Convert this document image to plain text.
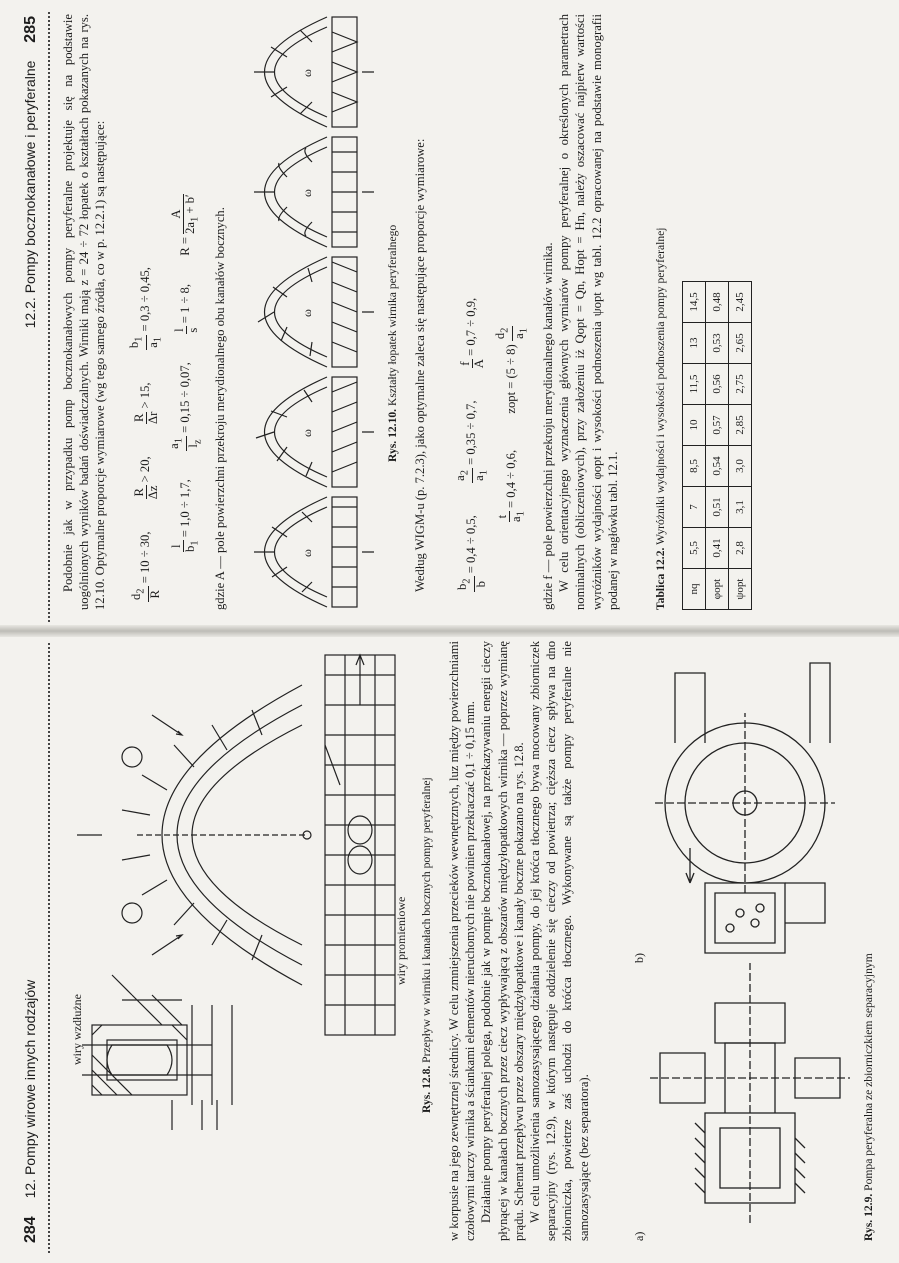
284 12. Pompy wirowe innych rodzajów	wiry wzdłużne
wiry promieniowe
Rys. 12.8. Przepływ w wirniku i kanałach bocznych pompy peryferalnej w korpusie na jego zewnętrznej średnicy. W celu zmniejszenia przecieków wewnętrznych, luz między powierzchniami czołowymi tarczy wirnika a ściankami elementów nieruchomych nie powinien przekraczać 0,1 ÷ 0,15 mm. Działanie pompy peryferalnej polega, podobnie jak w pompie bocznokanałowej, na przekazywaniu energii cieczy płynącej w kanałach bocznych przez ciecz wypływającą z obszarów międzyłopatkowych wirnika — poprzez wymianę prądu. Schemat przepływu przez obszary międzyłopatkowe i kanały boczne pokazano na rys. 12.8. W celu umożliwienia samozasysającego działania pompy, do jej króćca tłocznego bywa mocowany zbiorniczek separacyjny (rys. 12.9), w którym następuje oddzielenie się cieczy od powietrza; cięższa ciecz spływa na dno zbiorniczka, powietrze zaś uchodzi do króćca tłocznego. Wykonywane są także pompy peryferalne nie samozasysające (bez separatora).	a)
b)
Rys. 12.9. Pompa peryferalna ze zbiorniczkiem separacyjnym
12.2. Pompy bocznokanałowe i peryferalne 285 Podobnie jak w przypadku pomp bocznokanałowych pompy peryferalne projektuje się na podstawie uogólnionych wyników badań doświadczalnych. Wirniki mają z = 24 ÷ 72 łopatek o kształtach pokazanych na rys. 12.10. Optymalne proporcje wymiarowe (wg tego samego źródła, co w p. 12.2.1) są następujące: $d_2$ R
= 10 ÷ 30,
R Δz
> 20,
R Δr
> 15,
$b_1$
$a_1$
= 0,3 ÷ 0,45,
l $b_1$
= 1,0 ÷ 1,7,
$a_1$
$l_z$
= 0,15 ÷ 0,07,
l s
= 1 ÷ 8,  R =
A
$2a_1 + b'$

gdzie A — pole powierzchni przekroju merydionalnego obu kanałów bocznych.	ω
ω
ω
ω
ω
Rys. 12.10. Kształty łopatek wirnika peryferalnego Według WIGM-u (p. 7.2.3), jako optymalne zaleca się następujące proporcje wymiarowe: $b_2$ b
= 0,4 ÷ 0,5,
$a_2$
$a_1$
= 0,35 ÷ 0,7,
f A
= 0,7 ÷ 0,9,
t $a_1$
= 0,4 ÷ 0,6,  zopt = (5 ÷ 8)
$d_2$
$a_1$ gdzie f — pole powierzchni przekroju merydionalnego kanałów wirnika. W celu orientacyjnego wyznaczenia głównych wymiarów pompy peryferalnej o określonych parametrach nominalnych (obliczeniowych), przy założeniu iż Qopt = Qn, Hopt = Hn, należy oszacować najpierw wartości wyróżników wydajności φopt i wysokości podnoszenia ψopt wg tabl. 12.2 opracowanej na podstawie monografii podanej w nagłówku tabl. 12.1.	Tablica 12.2. Wyróżniki wydajności i wysokości podnoszenia pompy peryferalnej
nq	5,5	7	8,5	10	11,5	13	14,5
φopt	0,41	0,51	0,54	0,57	0,56	0,53	0,48
ψopt	2,8	3,1	3,0	2,85	2,75	2,65	2,45
